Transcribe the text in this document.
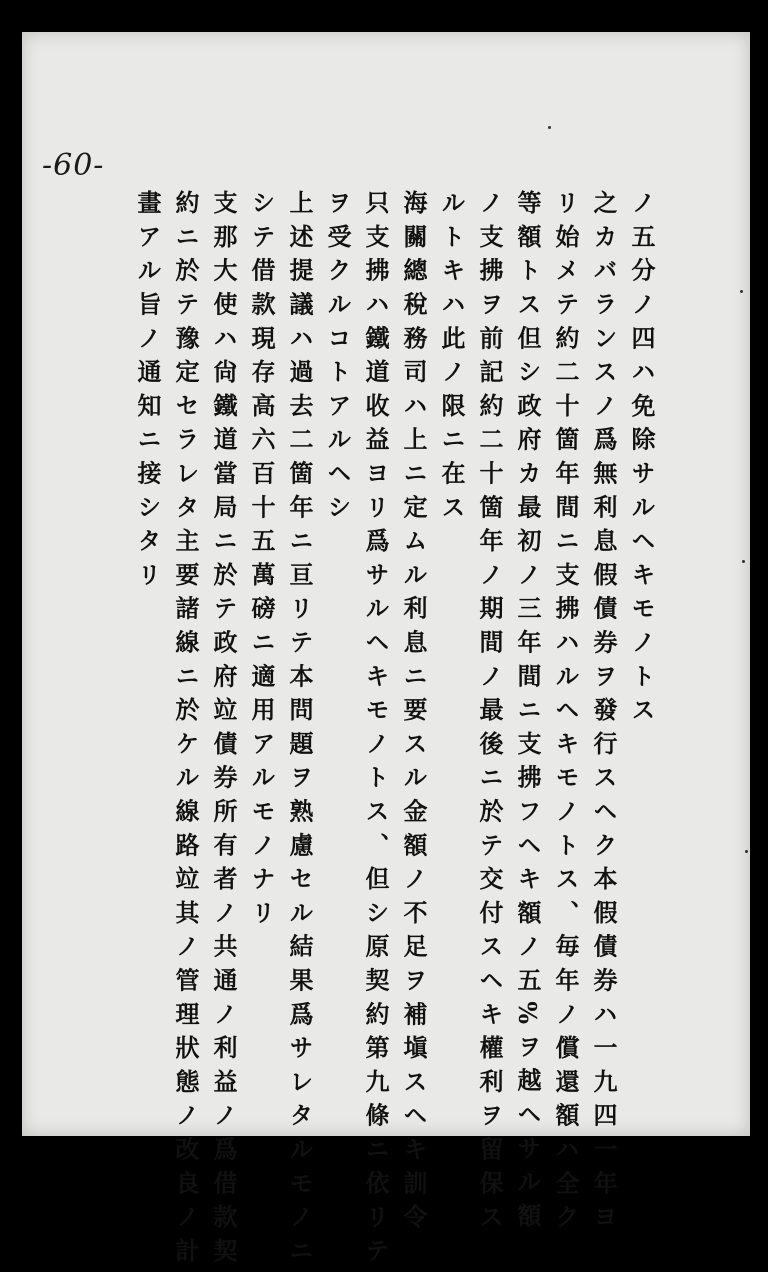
-60-
ノ五分ノ四ハ免除サルヘキモノトス
之カバランスノ爲無利息假債券ヲ發行スヘク本假債券ハ一九四一年ヨ
リ始メテ約二十箇年間ニ支拂ハルヘキモノトス、毎年ノ償還額ハ全ク
等額トス但シ政府カ最初ノ三年間ニ支拂フヘキ額ノ五%ヲ越ヘサル額
ノ支拂ヲ前記約二十箇年ノ期間ノ最後ニ於テ交付スヘキ權利ヲ留保ス
ルトキハ此ノ限ニ在ス
海關總稅務司ハ上ニ定ムル利息ニ要スル金額ノ不足ヲ補塡スヘキ訓令
只支拂ハ鐵道收益ヨリ爲サルヘキモノトス、但シ原契約第九條ニ依リテ
ヲ受クルコトアルヘシ
上述提議ハ過去二箇年ニ亘リテ本問題ヲ熟慮セル結果爲サレタルモノニ
シテ借款現存高六百十五萬磅ニ適用アルモノナリ
支那大使ハ尙鐵道當局ニ於テ政府竝債券所有者ノ共通ノ利益ノ爲借款契
約ニ於テ豫定セラレタ主要諸線ニ於ケル線路竝其ノ管理狀態ノ改良ノ計
畫アル旨ノ通知ニ接シタリ
